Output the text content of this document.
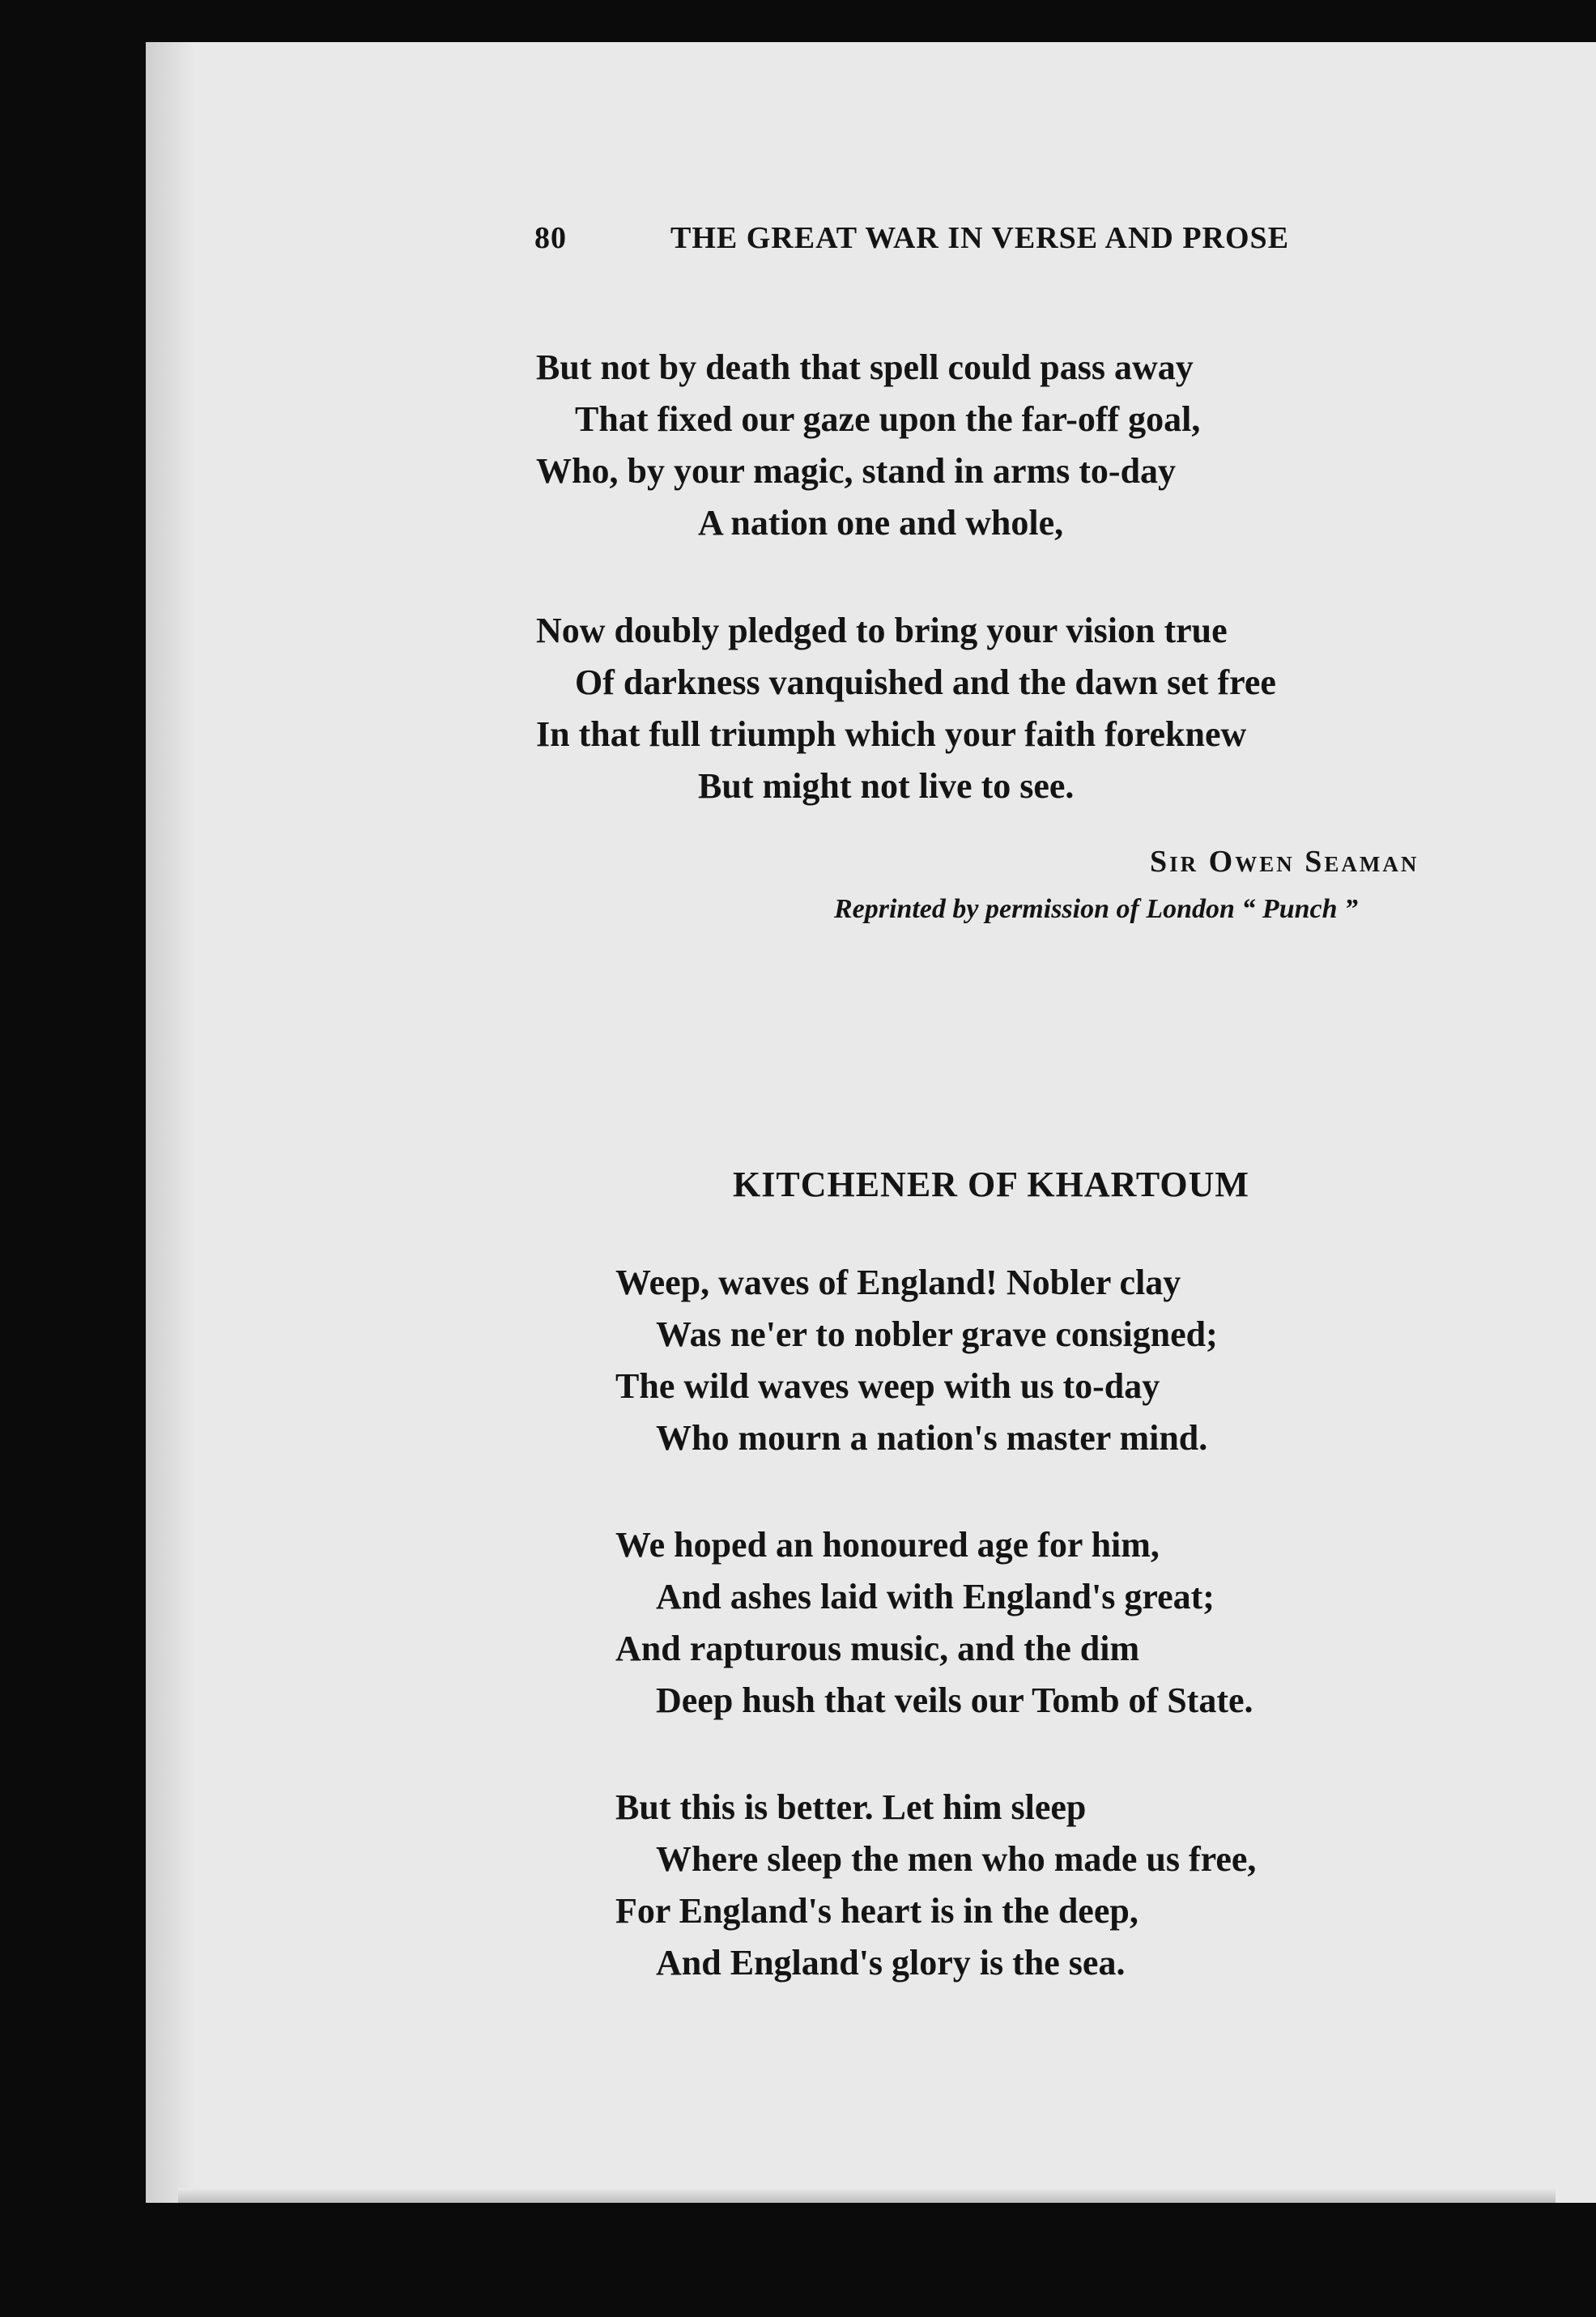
80	THE GREAT WAR IN VERSE AND PROSE
But not by death that spell could pass away
That fixed our gaze upon the far-off goal,
Who, by your magic, stand in arms to-day
A nation one and whole,
Now doubly pledged to bring your vision true
Of darkness vanquished and the dawn set free
In that full triumph which your faith foreknew
But might not live to see.
Sir Owen Seaman
Reprinted by permission of London “ Punch ”
KITCHENER OF KHARTOUM
Weep, waves of England! Nobler clay
Was ne'er to nobler grave consigned;
The wild waves weep with us to-day
Who mourn a nation's master mind.
We hoped an honoured age for him,
And ashes laid with England's great;
And rapturous music, and the dim
Deep hush that veils our Tomb of State.
But this is better. Let him sleep
Where sleep the men who made us free,
For England's heart is in the deep,
And England's glory is the sea.
